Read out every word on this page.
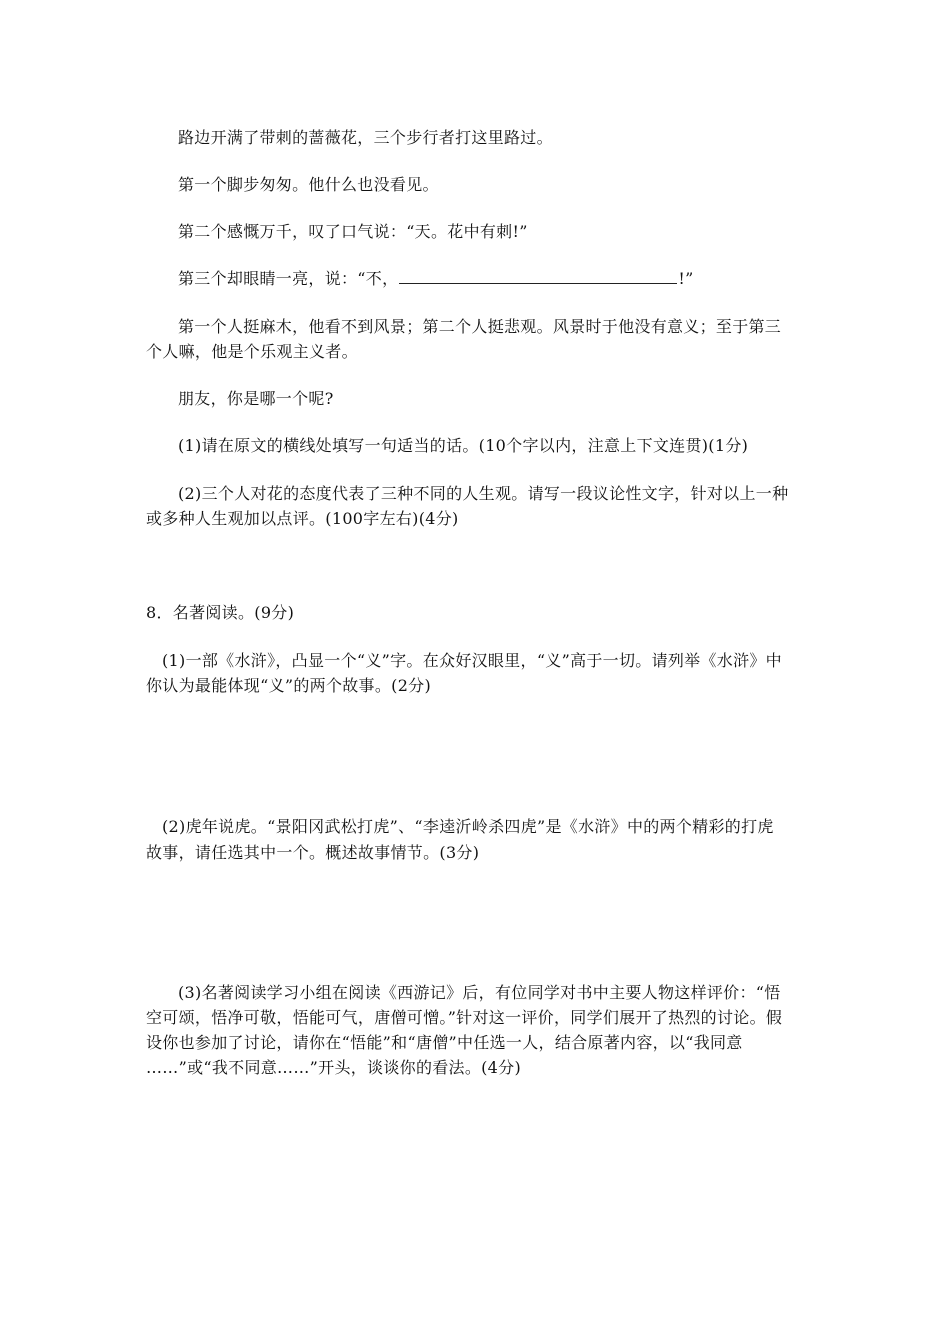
路边开满了带刺的蔷薇花，三个步行者打这里路过。
第一个脚步匆匆。他什么也没看见。
第二个感慨万千，叹了口气说：“天。花中有刺!”
第三个却眼睛一亮，说：“不，	!”
第一个人挺麻木，他看不到风景；第二个人挺悲观。风景时于他没有意义；至于第三
个人嘛，他是个乐观主义者。
朋友，你是哪一个呢?
(1)请在原文的横线处填写一句适当的话。(10个字以内，注意上下文连贯)(1分)
(2)三个人对花的态度代表了三种不同的人生观。请写一段议论性文字，针对以上一种
或多种人生观加以点评。(100字左右)(4分)
8．名著阅读。(9分)
(1)一部《水浒》，凸显一个“义”字。在众好汉眼里，“义”高于一切。请列举《水浒》中
你认为最能体现“义”的两个故事。(2分)
(2)虎年说虎。“景阳冈武松打虎”、“李逵沂岭杀四虎”是《水浒》中的两个精彩的打虎
故事，请任选其中一个。概述故事情节。(3分)
(3)名著阅读学习小组在阅读《西游记》后，有位同学对书中主要人物这样评价：“悟
空可颂，悟净可敬，悟能可气，唐僧可憎。”针对这一评价，同学们展开了热烈的讨论。假
设你也参加了讨论，请你在“悟能”和“唐僧”中任选一人，结合原著内容，以“我同意
……”或“我不同意……”开头，谈谈你的看法。(4分)
